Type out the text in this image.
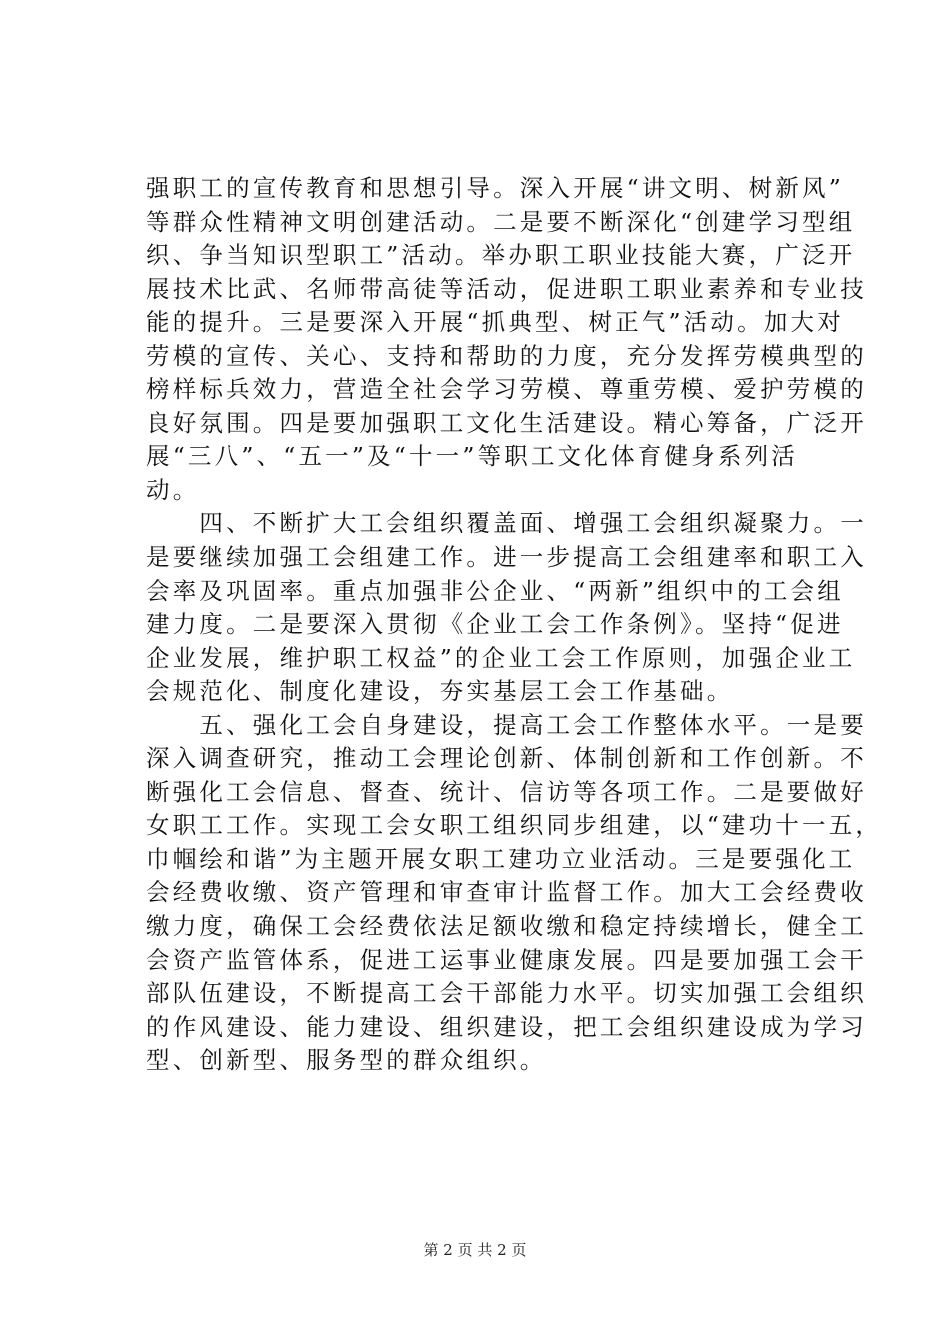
强职工的宣传教育和思想引导。深入开展“讲文明、树新风”
等群众性精神文明创建活动。二是要不断深化“创建学习型组
织、争当知识型职工”活动。举办职工职业技能大赛，广泛开
展技术比武、名师带高徒等活动，促进职工职业素养和专业技
能的提升。三是要深入开展“抓典型、树正气”活动。加大对
劳模的宣传、关心、支持和帮助的力度，充分发挥劳模典型的
榜样标兵效力，营造全社会学习劳模、尊重劳模、爱护劳模的
良好氛围。四是要加强职工文化生活建设。精心筹备，广泛开
展“三八”、“五一”及“十一”等职工文化体育健身系列活
动。
　　四、不断扩大工会组织覆盖面、增强工会组织凝聚力。一
是要继续加强工会组建工作。进一步提高工会组建率和职工入
会率及巩固率。重点加强非公企业、“两新”组织中的工会组
建力度。二是要深入贯彻《企业工会工作条例》。坚持“促进
企业发展，维护职工权益”的企业工会工作原则，加强企业工
会规范化、制度化建设，夯实基层工会工作基础。
　　五、强化工会自身建设，提高工会工作整体水平。一是要
深入调查研究，推动工会理论创新、体制创新和工作创新。不
断强化工会信息、督查、统计、信访等各项工作。二是要做好
女职工工作。实现工会女职工组织同步组建，以“建功十一五，
巾帼绘和谐”为主题开展女职工建功立业活动。三是要强化工
会经费收缴、资产管理和审查审计监督工作。加大工会经费收
缴力度，确保工会经费依法足额收缴和稳定持续增长，健全工
会资产监管体系，促进工运事业健康发展。四是要加强工会干
部队伍建设，不断提高工会干部能力水平。切实加强工会组织
的作风建设、能力建设、组织建设，把工会组织建设成为学习
型、创新型、服务型的群众组织。
第 2 页 共 2 页
